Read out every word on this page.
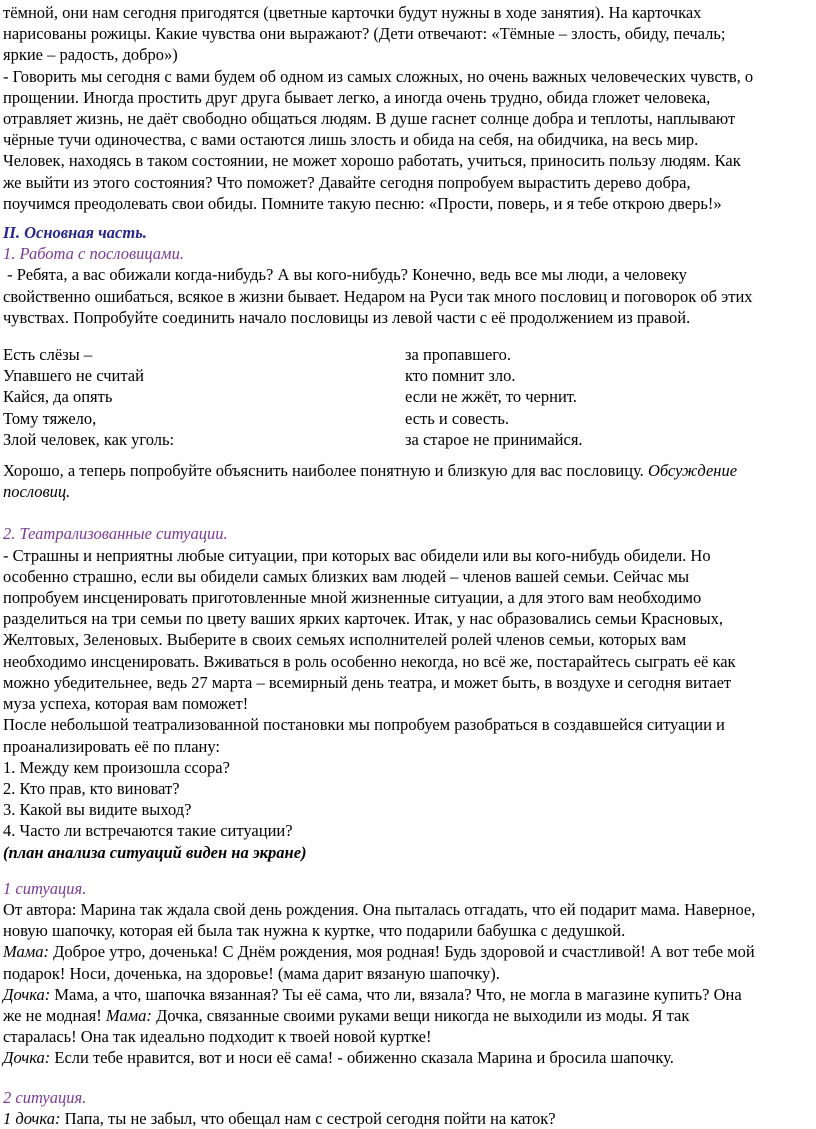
тёмной, они нам сегодня пригодятся (цветные карточки будут нужны в ходе занятия). На карточках
нарисованы рожицы. Какие чувства они выражают? (Дети отвечают: «Тёмные – злость, обиду, печаль;
яркие – радость, добро»)
- Говорить мы сегодня с вами будем об одном из самых сложных, но очень важных человеческих чувств, о
прощении. Иногда простить друг друга бывает легко, а иногда очень трудно, обида гложет человека,
отравляет жизнь, не даёт свободно общаться людям. В душе гаснет солнце добра и теплоты, наплывают
чёрные тучи одиночества, с вами остаются лишь злость и обида на себя, на обидчика, на весь мир.
Человек, находясь в таком состоянии, не может хорошо работать, учиться, приносить пользу людям. Как
же выйти из этого состояния? Что поможет? Давайте сегодня попробуем вырастить дерево добра,
поучимся преодолевать свои обиды. Помните такую песню: «Прости, поверь, и я тебе открою дверь!»
II. Основная часть.
1. Работа с пословицами.
- Ребята, а вас обижали когда-нибудь? А вы кого-нибудь? Конечно, ведь все мы люди, а человеку
свойственно ошибаться, всякое в жизни бывает. Недаром на Руси так много пословиц и поговорок об этих
чувствах. Попробуйте соединить начало пословицы из левой части с её продолжением из правой.
Есть слёзы –	за пропавшего.
Упавшего не считай	кто помнит зло.
Кайся, да опять	если не жжёт, то чернит.
Тому тяжело,	есть и совесть.
Злой человек, как уголь:	за старое не принимайся.
Хорошо, а теперь попробуйте объяснить наиболее понятную и близкую для вас пословицу. Обсуждение
пословиц.
2. Театрализованные ситуации.
- Страшны и неприятны любые ситуации, при которых вас обидели или вы кого-нибудь обидели. Но
особенно страшно, если вы обидели самых близких вам людей – членов вашей семьи. Сейчас мы
попробуем инсценировать приготовленные мной жизненные ситуации, а для этого вам необходимо
разделиться на три семьи по цвету ваших ярких карточек. Итак, у нас образовались семьи Красновых,
Желтовых, Зеленовых. Выберите в своих семьях исполнителей ролей членов семьи, которых вам
необходимо инсценировать. Вживаться в роль особенно некогда, но всё же, постарайтесь сыграть её как
можно убедительнее, ведь 27 марта – всемирный день театра, и может быть, в воздухе и сегодня витает
муза успеха, которая вам поможет!
После небольшой театрализованной постановки мы попробуем разобраться в создавшейся ситуации и
проанализировать её по плану:
1. Между кем произошла ссора?
2. Кто прав, кто виноват?
3. Какой вы видите выход?
4. Часто ли встречаются такие ситуации?
(план анализа ситуаций виден на экране)
1 ситуация.
От автора: Марина так ждала свой день рождения. Она пыталась отгадать, что ей подарит мама. Наверное,
новую шапочку, которая ей была так нужна к куртке, что подарили бабушка с дедушкой.
Мама: Доброе утро, доченька! С Днём рождения, моя родная! Будь здоровой и счастливой! А вот тебе мой
подарок! Носи, доченька, на здоровье! (мама дарит вязаную шапочку).
Дочка: Мама, а что, шапочка вязанная? Ты её сама, что ли, вязала? Что, не могла в магазине купить? Она
же не модная! Мама: Дочка, связанные своими руками вещи никогда не выходили из моды. Я так
старалась! Она так идеально подходит к твоей новой куртке!
Дочка: Если тебе нравится, вот и носи её сама! - обиженно сказала Марина и бросила шапочку.
2 ситуация.
1 дочка: Папа, ты не забыл, что обещал нам с сестрой сегодня пойти на каток?
